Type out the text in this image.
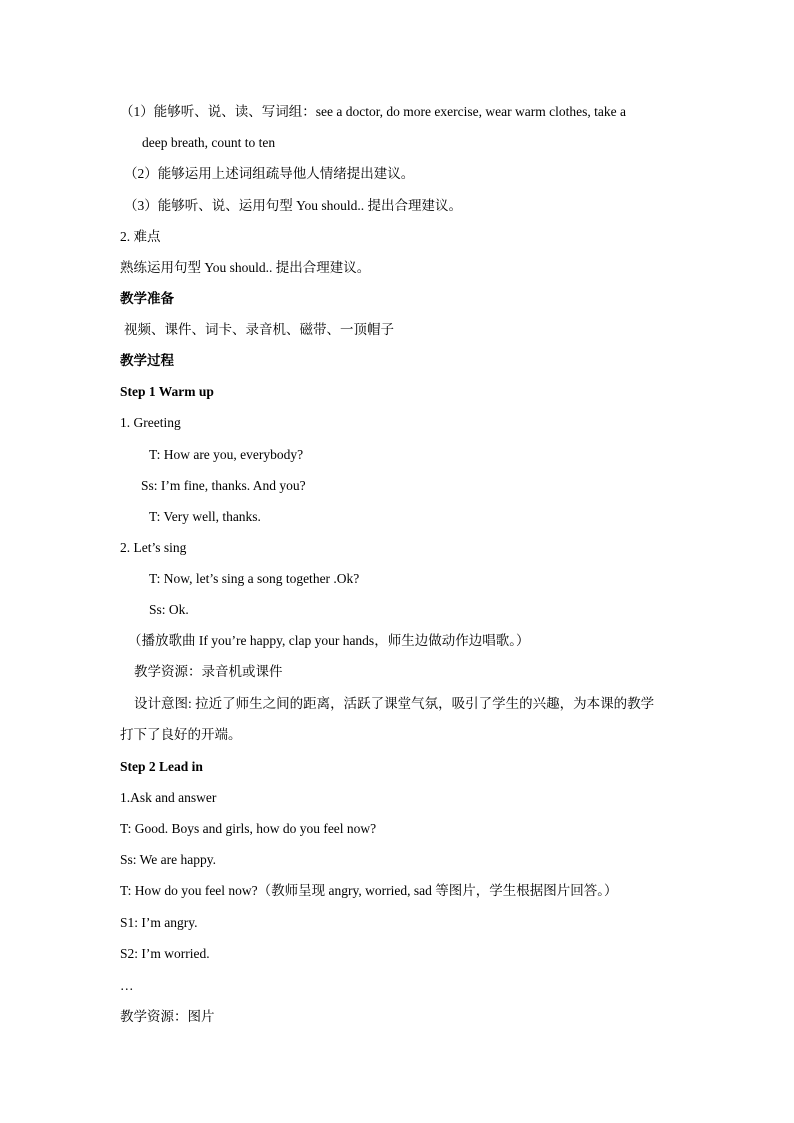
（1）能够听、说、读、写词组：see a doctor, do more exercise, wear warm clothes, take a
deep breath, count to ten
（2）能够运用上述词组疏导他人情绪提出建议。
（3）能够听、说、运用句型 You should.. 提出合理建议。
2. 难点
熟练运用句型 You should.. 提出合理建议。
教学准备
视频、课件、词卡、录音机、磁带、一顶帽子
教学过程
Step 1 Warm up
1. Greeting
T: How are you, everybody?
Ss: I’m fine, thanks. And you?
T: Very well, thanks.
2. Let’s sing
T: Now, let’s sing a song together .Ok?
Ss: Ok.
（播放歌曲 If you’re happy, clap your hands，师生边做动作边唱歌。）
教学资源：录音机或课件
设计意图: 拉近了师生之间的距离，活跃了课堂气氛，吸引了学生的兴趣，为本课的教学
打下了良好的开端。
Step 2 Lead in
1.Ask and answer
T: Good. Boys and girls, how do you feel now?
Ss: We are happy.
T: How do you feel now?（教师呈现 angry, worried, sad 等图片，学生根据图片回答。）
S1: I’m angry.
S2: I’m worried.
…
教学资源：图片
